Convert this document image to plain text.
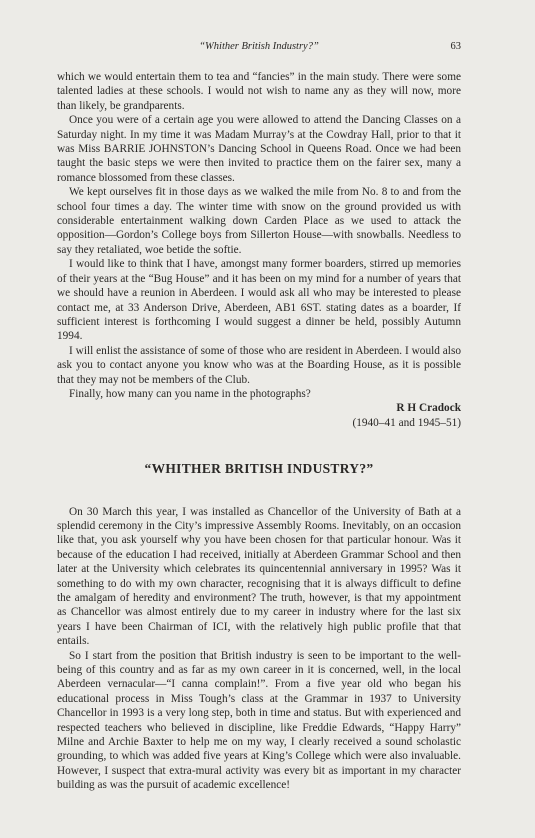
“Whither British Industry?”	63

which we would entertain them to tea and “fancies” in the main study. There were some talented ladies at these schools. I would not wish to name any as they will now, more than likely, be grandparents.

Once you were of a certain age you were allowed to attend the Dancing Classes on a Saturday night. In my time it was Madam Murray’s at the Cowdray Hall, prior to that it was Miss BARRIE JOHNSTON’s Dancing School in Queens Road. Once we had been taught the basic steps we were then invited to practice them on the fairer sex, many a romance blossomed from these classes.

We kept ourselves fit in those days as we walked the mile from No. 8 to and from the school four times a day. The winter time with snow on the ground provided us with considerable entertainment walking down Carden Place as we used to attack the opposition—Gordon’s College boys from Sillerton House—with snowballs. Needless to say they retaliated, woe betide the softie.

I would like to think that I have, amongst many former boarders, stirred up memories of their years at the “Bug House” and it has been on my mind for a number of years that we should have a reunion in Aberdeen. I would ask all who may be interested to please contact me, at 33 Anderson Drive, Aberdeen, AB1 6ST. stating dates as a boarder, If sufficient interest is forthcoming I would suggest a dinner be held, possibly Autumn 1994.

I will enlist the assistance of some of those who are resident in Aberdeen. I would also ask you to contact anyone you know who was at the Boarding House, as it is possible that they may not be members of the Club.

Finally, how many can you name in the photographs?

R H Cradock

(1940–41 and 1945–51)

“WHITHER BRITISH INDUSTRY?”

On 30 March this year, I was installed as Chancellor of the University of Bath at a splendid ceremony in the City’s impressive Assembly Rooms. Inevitably, on an occasion like that, you ask yourself why you have been chosen for that particular honour. Was it because of the education I had received, initially at Aberdeen Grammar School and then later at the University which celebrates its quincentennial anniversary in 1995? Was it something to do with my own character, recognising that it is always difficult to define the amalgam of heredity and environment? The truth, however, is that my appointment as Chancellor was almost entirely due to my career in industry where for the last six years I have been Chairman of ICI, with the relatively high public profile that that entails.

So I start from the position that British industry is seen to be important to the well-being of this country and as far as my own career in it is concerned, well, in the local Aberdeen vernacular—“I canna complain!”. From a five year old who began his educational process in Miss Tough’s class at the Grammar in 1937 to University Chancellor in 1993 is a very long step, both in time and status. But with experienced and respected teachers who believed in discipline, like Freddie Edwards, “Happy Harry” Milne and Archie Baxter to help me on my way, I clearly received a sound scholastic grounding, to which was added five years at King’s College which were also invaluable. However, I suspect that extra-mural activity was every bit as important in my character building as was the pursuit of academic excellence!
